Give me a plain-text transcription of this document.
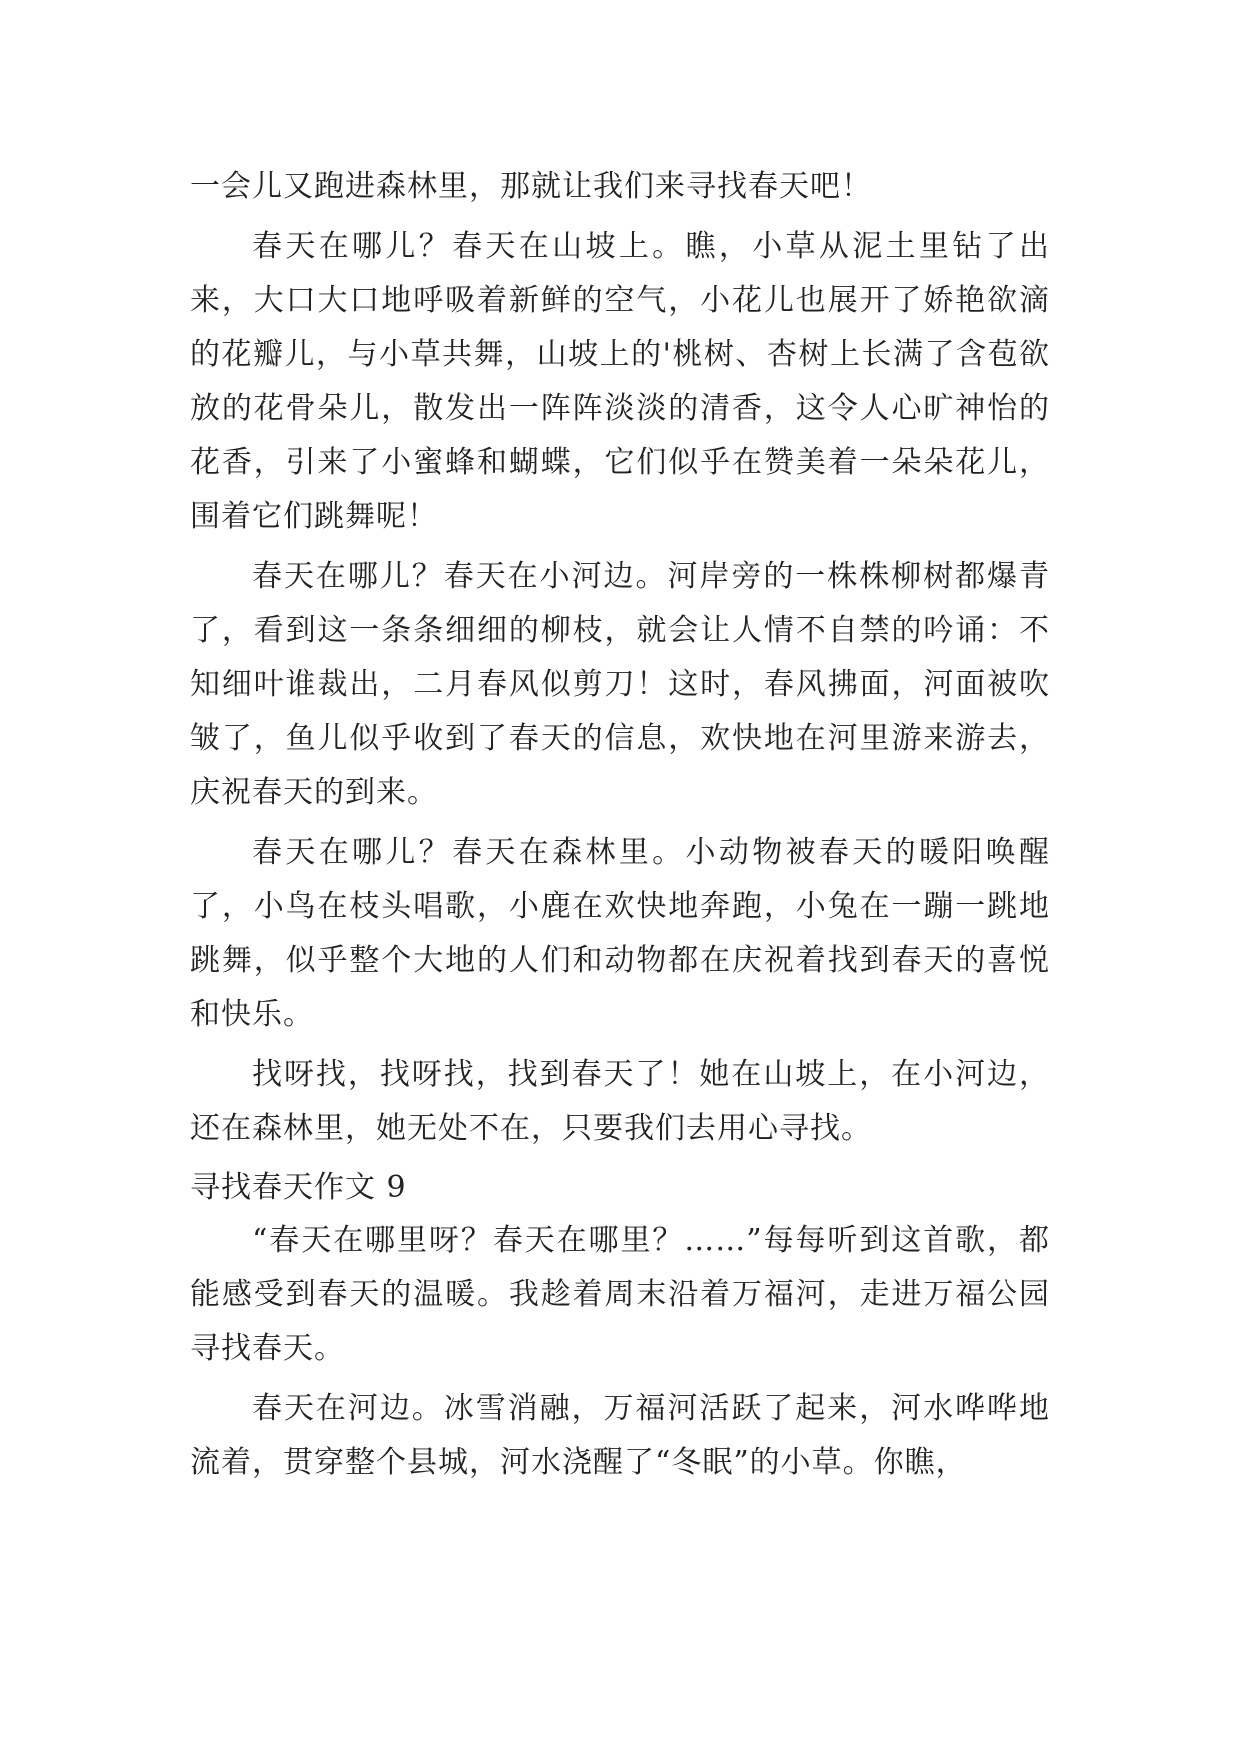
一会儿又跑进森林里，那就让我们来寻找春天吧！

春天在哪儿？春天在山坡上。瞧，小草从泥土里钻了出来，大口大口地呼吸着新鲜的空气，小花儿也展开了娇艳欲滴的花瓣儿，与小草共舞，山坡上的'桃树、杏树上长满了含苞欲放的花骨朵儿，散发出一阵阵淡淡的清香，这令人心旷神怡的花香，引来了小蜜蜂和蝴蝶，它们似乎在赞美着一朵朵花儿，围着它们跳舞呢！

春天在哪儿？春天在小河边。河岸旁的一株株柳树都爆青了，看到这一条条细细的柳枝，就会让人情不自禁的吟诵：不知细叶谁裁出，二月春风似剪刀！这时，春风拂面，河面被吹皱了，鱼儿似乎收到了春天的信息，欢快地在河里游来游去，庆祝春天的到来。

春天在哪儿？春天在森林里。小动物被春天的暖阳唤醒了，小鸟在枝头唱歌，小鹿在欢快地奔跑，小兔在一蹦一跳地跳舞，似乎整个大地的人们和动物都在庆祝着找到春天的喜悦和快乐。

找呀找，找呀找，找到春天了！她在山坡上，在小河边，还在森林里，她无处不在，只要我们去用心寻找。

寻找春天作文 9

“春天在哪里呀？春天在哪里？……”每每听到这首歌，都能感受到春天的温暖。我趁着周末沿着万福河，走进万福公园寻找春天。

春天在河边。冰雪消融，万福河活跃了起来，河水哗哗地流着，贯穿整个县城，河水浇醒了“冬眠”的小草。你瞧，
